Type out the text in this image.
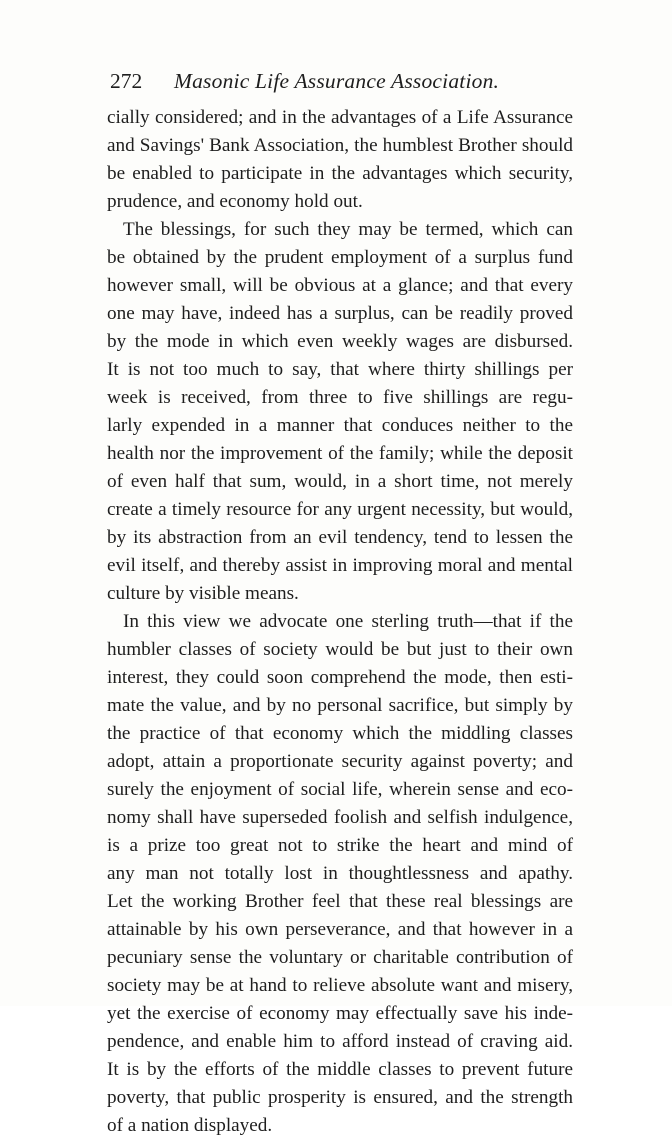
272 Masonic Life Assurance Association.
cially considered; and in the advantages of a Life Assurance
and Savings' Bank Association, the humblest Brother should
be enabled to participate in the advantages which security,
prudence, and economy hold out.
The blessings, for such they may be termed, which can
be obtained by the prudent employment of a surplus fund
however small, will be obvious at a glance; and that every
one may have, indeed has a surplus, can be readily proved
by the mode in which even weekly wages are disbursed.
It is not too much to say, that where thirty shillings per
week is received, from three to five shillings are regu-
larly expended in a manner that conduces neither to the
health nor the improvement of the family; while the deposit
of even half that sum, would, in a short time, not merely
create a timely resource for any urgent necessity, but would,
by its abstraction from an evil tendency, tend to lessen the
evil itself, and thereby assist in improving moral and mental
culture by visible means.
In this view we advocate one sterling truth—that if the
humbler classes of society would be but just to their own
interest, they could soon comprehend the mode, then esti-
mate the value, and by no personal sacrifice, but simply by
the practice of that economy which the middling classes
adopt, attain a proportionate security against poverty; and
surely the enjoyment of social life, wherein sense and eco-
nomy shall have superseded foolish and selfish indulgence,
is a prize too great not to strike the heart and mind of
any man not totally lost in thoughtlessness and apathy.
Let the working Brother feel that these real blessings are
attainable by his own perseverance, and that however in a
pecuniary sense the voluntary or charitable contribution of
society may be at hand to relieve absolute want and misery,
yet the exercise of economy may effectually save his inde-
pendence, and enable him to afford instead of craving aid.
It is by the efforts of the middle classes to prevent future
poverty, that public prosperity is ensured, and the strength
of a nation displayed.
